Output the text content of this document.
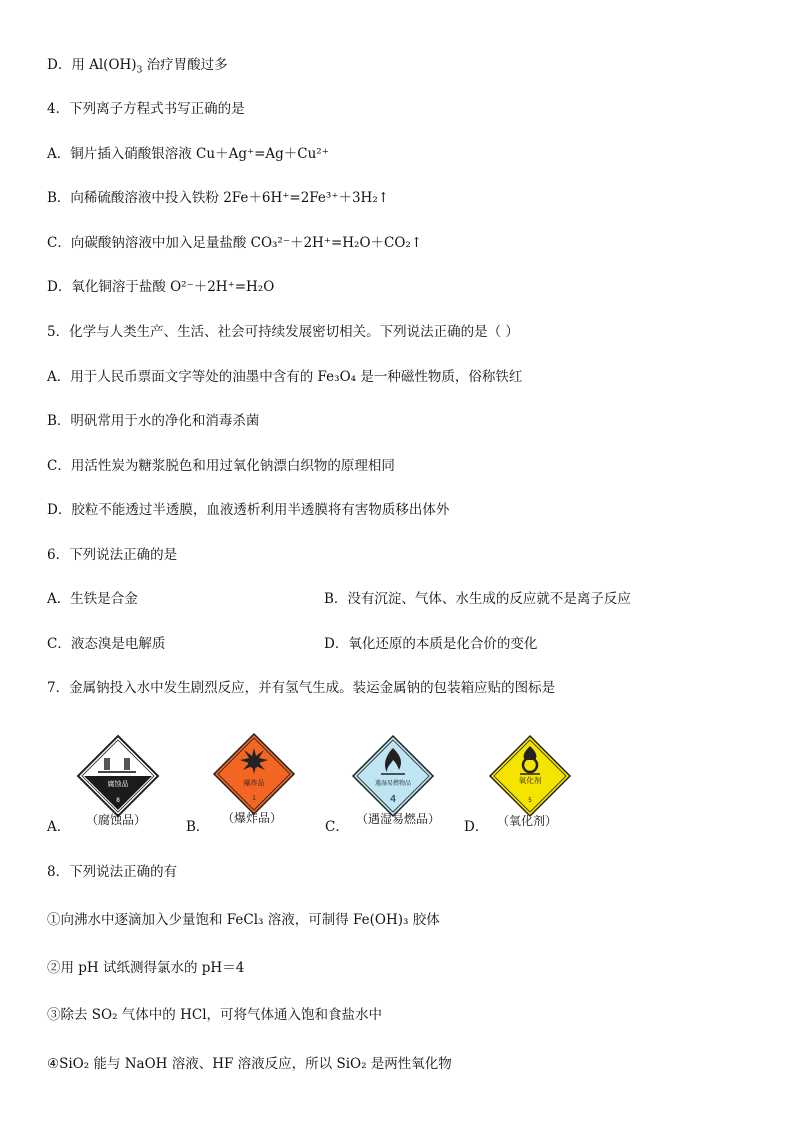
D．用 $Al(OH)_3$ 治疗胃酸过多
4．下列离子方程式书写正确的是
A．铜片插入硝酸银溶液 Cu＋Ag⁺=Ag＋Cu²⁺
B．向稀硫酸溶液中投入铁粉 2Fe＋6H⁺=2Fe³⁺＋3H₂↑
C．向碳酸钠溶液中加入足量盐酸 CO₃²⁻＋2H⁺=H₂O＋CO₂↑
D．氧化铜溶于盐酸 O²⁻＋2H⁺=H₂O
5．化学与人类生产、生活、社会可持续发展密切相关。下列说法正确的是（ ）
A．用于人民币票面文字等处的油墨中含有的 Fe₃O₄ 是一种磁性物质，俗称铁红
B．明矾常用于水的净化和消毒杀菌
C．用活性炭为糖浆脱色和用过氧化钠漂白织物的原理相同
D．胶粒不能透过半透膜，血液透析利用半透膜将有害物质移出体外
6．下列说法正确的是
A．生铁是合金	B．没有沉淀、气体、水生成的反应就不是离子反应
C．液态溴是电解质	D．氧化还原的本质是化合价的变化
7．金属钠投入水中发生剧烈反应，并有氢气生成。装运金属钠的包装箱应贴的图标是
A．
腐蚀品
8
（腐蚀品）	B．
爆炸品
1
（爆炸品）
C．
遇湿易燃物品
4
（遇湿易燃品） D．
氧化剂
5
（氧化剂）
8．下列说法正确的有
①向沸水中逐滴加入少量饱和 FeCl₃ 溶液，可制得 Fe(OH)₃ 胶体
②用 pH 试纸测得氯水的 pH＝4
③除去 SO₂ 气体中的 HCl，可将气体通入饱和食盐水中
④SiO₂ 能与 NaOH 溶液、HF 溶液反应，所以 SiO₂ 是两性氧化物
